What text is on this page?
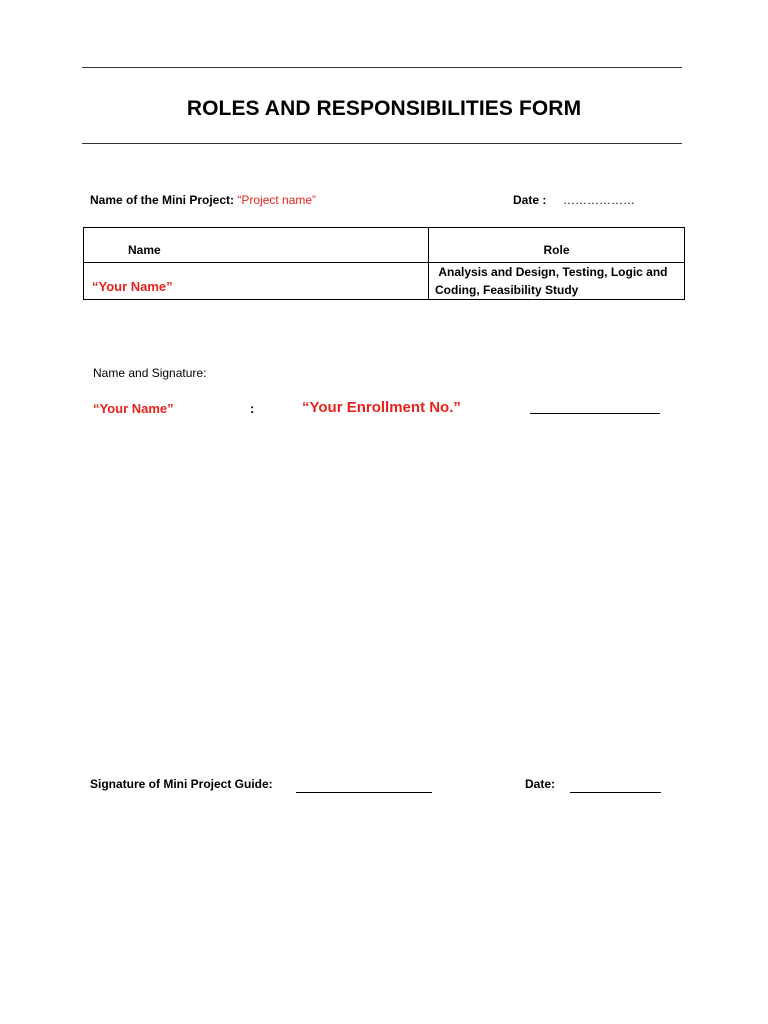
ROLES AND RESPONSIBILITIES FORM
Name of the Mini Project: “Project name”	Date : ………………
Name	Role
“Your Name”	Analysis and Design, Testing, Logic and Coding, Feasibility Study
Name and Signature:
“Your Name”	:	“Your Enrollment No.”
Signature of Mini Project Guide:	Date:
